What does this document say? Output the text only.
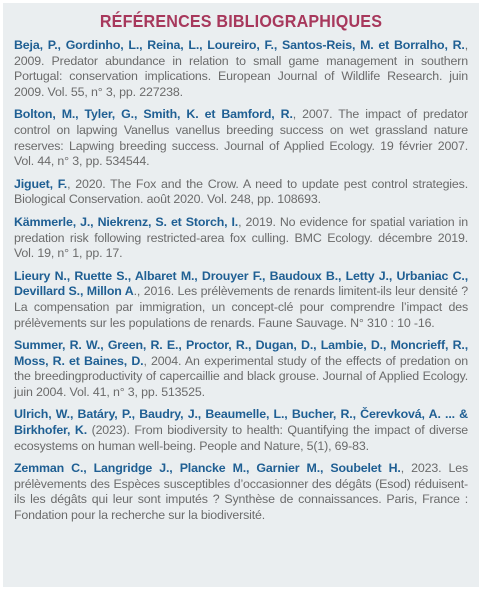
RÉFÉRENCES BIBLIOGRAPHIQUES

Beja, P., Gordinho, L., Reina, L., Loureiro, F., Santos-Reis, M. et Borralho, R., 2009. Predator abundance in relation to small game management in southern Portugal: conservation implications. European Journal of Wildlife Research. juin 2009. Vol. 55, n° 3, pp. 227238.

Bolton, M., Tyler, G., Smith, K. et Bamford, R., 2007. The impact of predator control on lapwing Vanellus vanellus breeding success on wet grassland nature reserves: Lapwing breeding success. Journal of Applied Ecology. 19 février 2007. Vol. 44, n° 3, pp. 534544.

Jiguet, F., 2020. The Fox and the Crow. A need to update pest control strategies. Biological Conservation. août 2020. Vol. 248, pp. 108693.

Kämmerle, J., Niekrenz, S. et Storch, I., 2019. No evidence for spatial variation in predation risk following restricted-area fox culling. BMC Ecology. décembre 2019. Vol. 19, n° 1, pp. 17.

Lieury N., Ruette S., Albaret M., Drouyer F., Baudoux B., Letty J., Urbaniac C., Devillard S., Millon A., 2016. Les prélèvements de renards limitent-ils leur densité ? La compensation par immigration, un concept-clé pour comprendre l’impact des prélèvements sur les populations de renards. Faune Sauvage. N° 310 : 10 -16.

Summer, R. W., Green, R. E., Proctor, R., Dugan, D., Lambie, D., Moncrieff, R., Moss, R. et Baines, D., 2004. An experimental study of the effects of predation on the breedingproductivity of capercaillie and black grouse. Journal of Applied Ecology. juin 2004. Vol. 41, n° 3, pp. 513525.

Ulrich, W., Batáry, P., Baudry, J., Beaumelle, L., Bucher, R., Čerevková, A. ... & Birkhofer, K. (2023). From biodiversity to health: Quantifying the impact of diverse ecosystems on human well-being. People and Nature, 5(1), 69-83.

Zemman C., Langridge J., Plancke M., Garnier M., Soubelet H., 2023. Les prélèvements des Espèces susceptibles d’occasionner des dégâts (Esod) réduisent-ils les dégâts qui leur sont imputés ? Synthèse de connaissances. Paris, France : Fondation pour la recherche sur la biodiversité.
